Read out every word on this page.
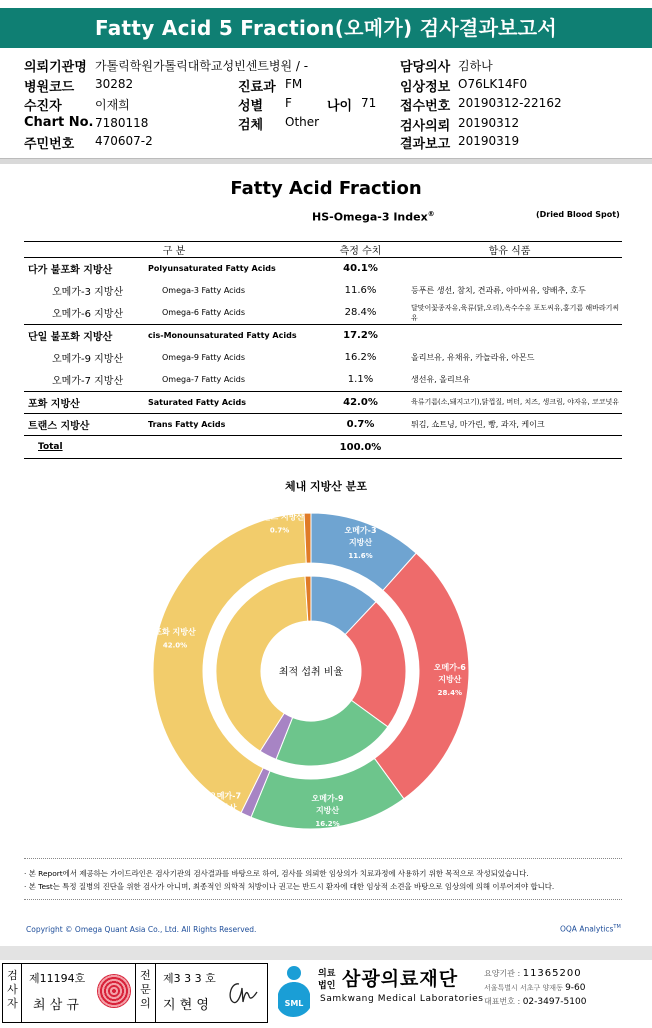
Fatty Acid 5 Fraction(오메가) 검사결과보고서
의뢰기관명 가톨릭학원가톨릭대학교성빈센트병원 / -	담당의사 김하나
병원코드 30282	진료과 FM	임상정보 O76LK14F0
수진자	이재희	성별 F	나이 71 접수번호 20190312-22162
Chart No. 7180118	검체 Other	검사의뢰 20190312
주민번호 470607-2	결과보고 20190319
Fatty Acid Fraction
HS-Omega-3 Index®	(Dried Blood Spot)
구 분		측정 수치	함유 식품
다가 불포화 지방산	Polyunsaturated Fatty Acids	40.1%	
오메가-3 지방산	Omega-3 Fatty Acids	11.6%	등푸른 생선, 참치, 견과류, 아마씨유, 양배추, 호두
오메가-6 지방산	Omega-6 Fatty Acids	28.4%	달맞이꽃종자유,육류(닭,오리),옥수수유 포도씨유,홍기름 해바라기씨유
단일 불포화 지방산	cis-Monounsaturated Fatty Acids	17.2%	
오메가-9 지방산	Omega-9 Fatty Acids	16.2%	올리브유, 유채유, 카놀라유, 아몬드
오메가-7 지방산	Omega-7 Fatty Acids	1.1%	생선유, 올리브유
포화 지방산	Saturated Fatty Acids	42.0%	육류기름(소,돼지고기),닭껍질, 버터, 치즈, 생크림, 야자유, 코코넛유
트랜스 지방산	Trans Fatty Acids	0.7%	튀김, 쇼트닝, 마가린, 빵, 과자, 케이크
Total		100.0%	
체내 지방산 분포
최적 섭취 비율
오메가-3 지방산 11.6%
오메가-6 지방산 28.4%
오메가-9 지방산 16.2%
오메가-7 지방산 1.1%
포화 지방산 42.0%
트랜스 지방산 0.7%
· 본 Report에서 제공하는 가이드라인은 검사기관의 검사결과를 바탕으로 하여, 검사를 의뢰한 임상의가 치료과정에 사용하기 위한 목적으로 작성되었습니다.
· 본 Test는 특정 질병의 진단을 위한 검사가 아니며, 최종적인 의학적 처방이나 권고는 반드시 환자에 대한 임상적 소견을 바탕으로 임상의에 의해 이루어져야 합니다.
Copyright © Omega Quant Asia Co., Ltd. All Rights Reserved.	OQA Analytics™
검사자
제11194호
최 삼 규
전문의
제3 3 3 호
지 현 영	SML
의료
법인 삼광의료재단
Samkwang Medical Laboratories
요양기관 : 11365200
서울특별시 서초구 양재동 9-60
대표번호 : 02-3497-5100
